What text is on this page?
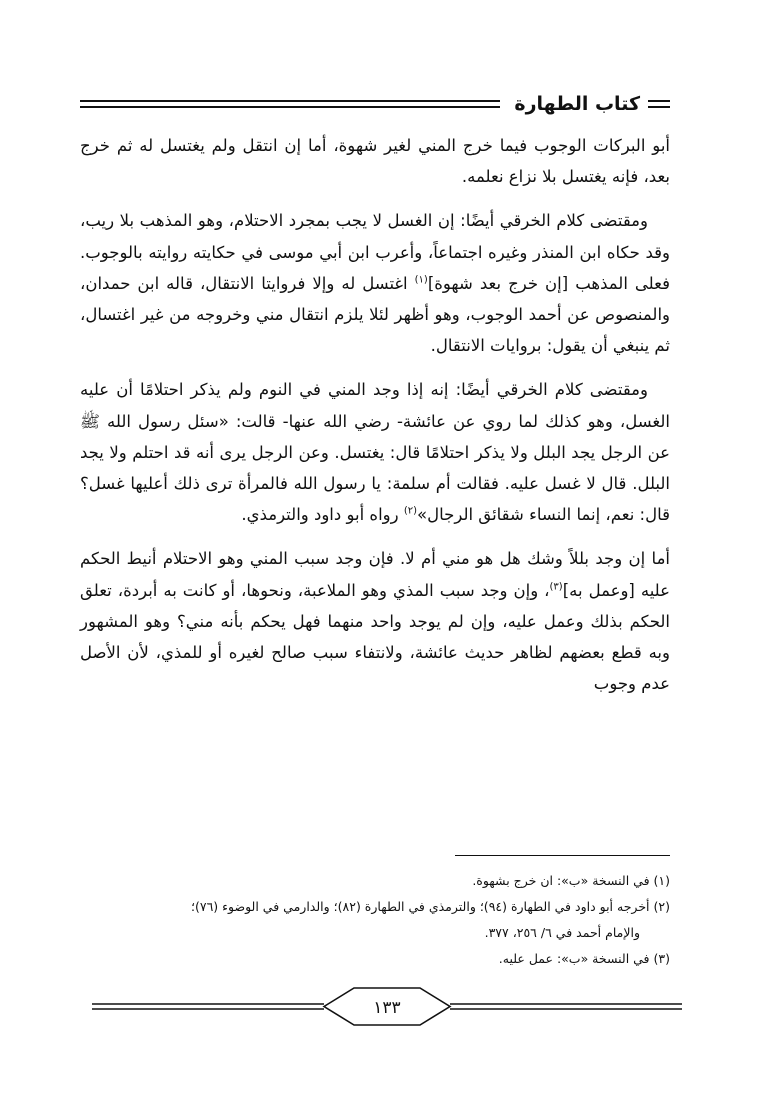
كتاب الطهارة

أبو البركات الوجوب فيما خرج المني لغير شهوة، أما إن انتقل ولم يغتسل له ثم خرج بعد، فإنه يغتسل بلا نزاع نعلمه.

ومقتضى كلام الخرقي أيضًا: إن الغسل لا يجب بمجرد الاحتلام، وهو المذهب بلا ريب، وقد حكاه ابن المنذر وغيره اجتماعاً، وأعرب ابن أبي موسى في حكايته روايته بالوجوب. فعلى المذهب [إن خرج بعد شهوة]$^{(١)}$ اغتسل له وإلا فروايتا الانتقال، قاله ابن حمدان، والمنصوص عن أحمد الوجوب، وهو أظهر لئلا يلزم انتقال مني وخروجه من غير اغتسال، ثم ينبغي أن يقول: بروايات الانتقال.

ومقتضى كلام الخرقي أيضًا: إنه إذا وجد المني في النوم ولم يذكر احتلامًا أن عليه الغسل، وهو كذلك لما روي عن عائشة- رضي الله عنها- قالت: «سئل رسول الله ﷺ عن الرجل يجد البلل ولا يذكر احتلامًا قال: يغتسل. وعن الرجل يرى أنه قد احتلم ولا يجد البلل. قال لا غسل عليه. فقالت أم سلمة: يا رسول الله فالمرأة ترى ذلك أعليها غسل؟ قال: نعم، إنما النساء شقائق الرجال»$^{(٢)}$ رواه أبو داود والترمذي.

أما إن وجد بللاً وشك هل هو مني أم لا. فإن وجد سبب المني وهو الاحتلام أنيط الحكم عليه [وعمل به]$^{(٣)}$، وإن وجد سبب المذي وهو الملاعبة، ونحوها، أو كانت به أبردة، تعلق الحكم بذلك وعمل عليه، وإن لم يوجد واحد منهما فهل يحكم بأنه مني؟ وهو المشهور وبه قطع بعضهم لظاهر حديث عائشة، ولانتفاء سبب صالح لغيره أو للمذي، لأن الأصل عدم وجوب

(١) في النسخة «ب»: ان خرج بشهوة.

(٢) أخرجه أبو داود في الطهارة (٩٤)؛ والترمذي في الطهارة (٨٢)؛ والدارمي في الوضوء (٧٦)؛

والإمام أحمد في ٦/ ٢٥٦، ٣٧٧.

(٣) في النسخة «ب»: عمل عليه.

١٣٣
